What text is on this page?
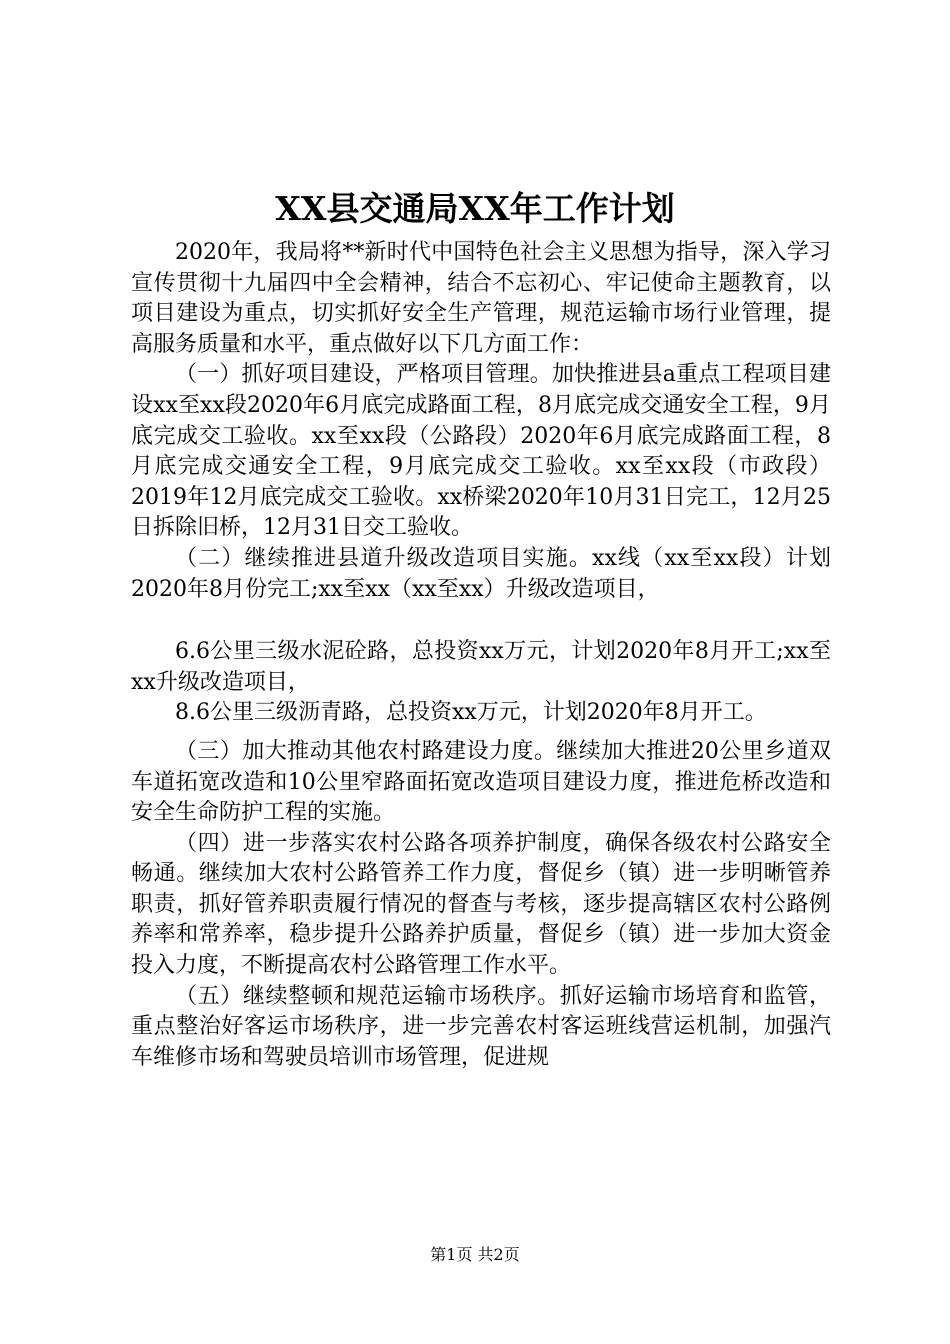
XX县交通局XX年工作计划

2020年，我局将**新时代中国特色社会主义思想为指导，深入学习宣传贯彻十九届四中全会精神，结合不忘初心、牢记使命主题教育，以项目建设为重点，切实抓好安全生产管理，规范运输市场行业管理，提高服务质量和水平，重点做好以下几方面工作：

（一）抓好项目建设，严格项目管理。加快推进县a重点工程项目建设xx至xx段2020年6月底完成路面工程，8月底完成交通安全工程，9月底完成交工验收。xx至xx段（公路段）2020年6月底完成路面工程，8月底完成交通安全工程，9月底完成交工验收。xx至xx段（市政段）2019年12月底完成交工验收。xx桥梁2020年10月31日完工，12月25日拆除旧桥，12月31日交工验收。

（二）继续推进县道升级改造项目实施。xx线（xx至xx段）计划2020年8月份完工;xx至xx（xx至xx）升级改造项目，

6.6公里三级水泥砼路，总投资xx万元，计划2020年8月开工;xx至xx升级改造项目，

8.6公里三级沥青路，总投资xx万元，计划2020年8月开工。

（三）加大推动其他农村路建设力度。继续加大推进20公里乡道双车道拓宽改造和10公里窄路面拓宽改造项目建设力度，推进危桥改造和安全生命防护工程的实施。

（四）进一步落实农村公路各项养护制度，确保各级农村公路安全畅通。继续加大农村公路管养工作力度，督促乡（镇）进一步明晰管养职责，抓好管养职责履行情况的督查与考核，逐步提高辖区农村公路例养率和常养率，稳步提升公路养护质量，督促乡（镇）进一步加大资金投入力度，不断提高农村公路管理工作水平。

（五）继续整顿和规范运输市场秩序。抓好运输市场培育和监管，重点整治好客运市场秩序，进一步完善农村客运班线营运机制，加强汽车维修市场和驾驶员培训市场管理，促进规

第1页 共2页
